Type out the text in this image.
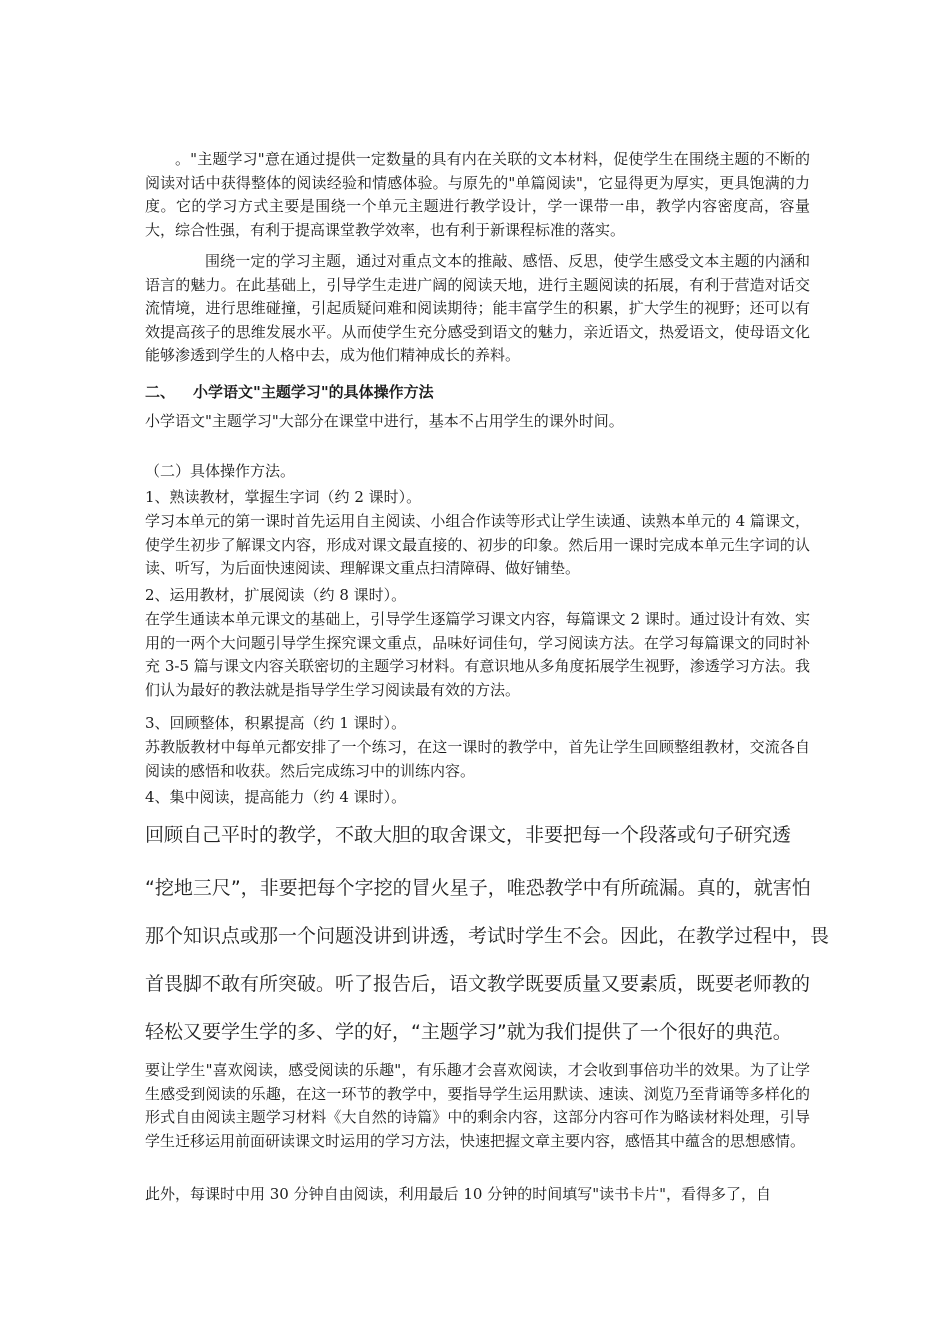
。"主题学习"意在通过提供一定数量的具有内在关联的文本材料，促使学生在围绕主题的不断的阅读对话中获得整体的阅读经验和情感体验。与原先的"单篇阅读"，它显得更为厚实，更具饱满的力度。它的学习方式主要是围绕一个单元主题进行教学设计，学一课带一串，教学内容密度高，容量大，综合性强，有利于提高课堂教学效率，也有利于新课程标准的落实。

围绕一定的学习主题，通过对重点文本的推敲、感悟、反思，使学生感受文本主题的内涵和语言的魅力。在此基础上，引导学生走进广阔的阅读天地，进行主题阅读的拓展，有利于营造对话交流情境，进行思维碰撞，引起质疑问难和阅读期待；能丰富学生的积累，扩大学生的视野；还可以有效提高孩子的思维发展水平。从而使学生充分感受到语文的魅力，亲近语文，热爱语文，使母语文化能够渗透到学生的人格中去，成为他们精神成长的养料。

二、 小学语文"主题学习"的具体操作方法

小学语文"主题学习"大部分在课堂中进行，基本不占用学生的课外时间。

（二）具体操作方法。

1、熟读教材，掌握生字词（约 2 课时）。

学习本单元的第一课时首先运用自主阅读、小组合作读等形式让学生读通、读熟本单元的 4 篇课文，使学生初步了解课文内容，形成对课文最直接的、初步的印象。然后用一课时完成本单元生字词的认读、听写，为后面快速阅读、理解课文重点扫清障碍、做好铺垫。

2、运用教材，扩展阅读（约 8 课时）。

在学生通读本单元课文的基础上，引导学生逐篇学习课文内容，每篇课文 2 课时。通过设计有效、实用的一两个大问题引导学生探究课文重点，品味好词佳句，学习阅读方法。在学习每篇课文的同时补充 3-5 篇与课文内容关联密切的主题学习材料。有意识地从多角度拓展学生视野，渗透学习方法。我们认为最好的教法就是指导学生学习阅读最有效的方法。

3、回顾整体，积累提高（约 1 课时）。

苏教版教材中每单元都安排了一个练习，在这一课时的教学中，首先让学生回顾整组教材，交流各自阅读的感悟和收获。然后完成练习中的训练内容。

4、集中阅读，提高能力（约 4 课时）。

回顾自己平时的教学，不敢大胆的取舍课文，非要把每一个段落或句子研究透

“挖地三尺”，非要把每个字挖的冒火星子，唯恐教学中有所疏漏。真的，就害怕

那个知识点或那一个问题没讲到讲透，考试时学生不会。因此，在教学过程中，畏

首畏脚不敢有所突破。听了报告后，语文教学既要质量又要素质，既要老师教的

轻松又要学生学的多、学的好，“主题学习”就为我们提供了一个很好的典范。

要让学生"喜欢阅读，感受阅读的乐趣"，有乐趣才会喜欢阅读，才会收到事倍功半的效果。为了让学生感受到阅读的乐趣，在这一环节的教学中，要指导学生运用默读、速读、浏览乃至背诵等多样化的形式自由阅读主题学习材料《大自然的诗篇》中的剩余内容，这部分内容可作为略读材料处理，引导学生迁移运用前面研读课文时运用的学习方法，快速把握文章主要内容，感悟其中蕴含的思想感情。

此外，每课时中用 30 分钟自由阅读，利用最后 10 分钟的时间填写"读书卡片"，看得多了，自
